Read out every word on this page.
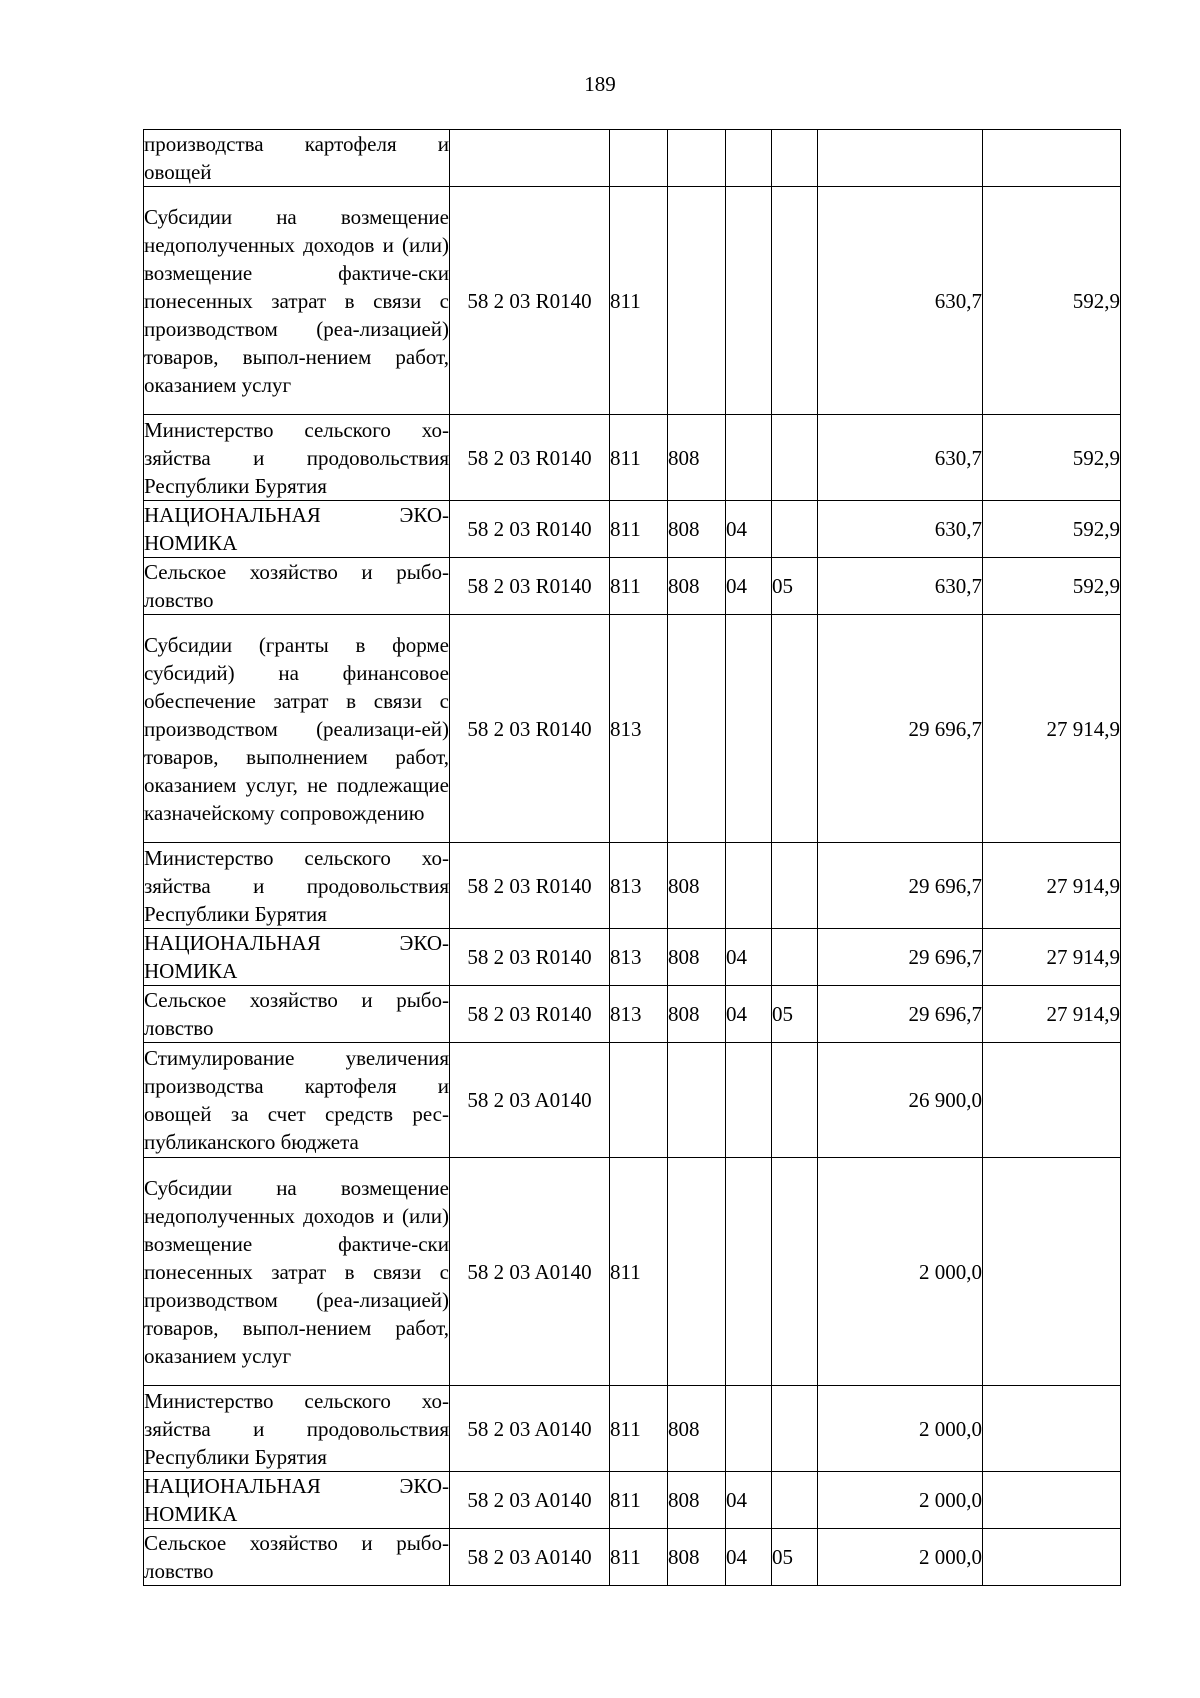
189
производства картофеля и овощей							
Субсидии на возмещение недополученных доходов и (или) возмещение фактиче-ски понесенных затрат в связи с производством (реа-лизацией) товаров, выпол-нением работ, оказанием услуг	58 2 03 R0140	811				630,7	592,9
Министерство сельского хо-зяйства и продовольствия Республики Бурятия	58 2 03 R0140	811	808			630,7	592,9
НАЦИОНАЛЬНАЯ ЭКО-НОМИКА	58 2 03 R0140	811	808	04		630,7	592,9
Сельское хозяйство и рыбо-ловство	58 2 03 R0140	811	808	04	05	630,7	592,9
Субсидии (гранты в форме субсидий) на финансовое обеспечение затрат в связи с производством (реализаци-ей) товаров, выполнением работ, оказанием услуг, не подлежащие казначейскому сопровождению	58 2 03 R0140	813				29 696,7	27 914,9
Министерство сельского хо-зяйства и продовольствия Республики Бурятия	58 2 03 R0140	813	808			29 696,7	27 914,9
НАЦИОНАЛЬНАЯ ЭКО-НОМИКА	58 2 03 R0140	813	808	04		29 696,7	27 914,9
Сельское хозяйство и рыбо-ловство	58 2 03 R0140	813	808	04	05	29 696,7	27 914,9
Стимулирование увеличения производства картофеля и овощей за счет средств рес-публиканского бюджета	58 2 03 A0140					26 900,0	
Субсидии на возмещение недополученных доходов и (или) возмещение фактиче-ски понесенных затрат в связи с производством (реа-лизацией) товаров, выпол-нением работ, оказанием услуг	58 2 03 A0140	811				2 000,0	
Министерство сельского хо-зяйства и продовольствия Республики Бурятия	58 2 03 A0140	811	808			2 000,0	
НАЦИОНАЛЬНАЯ ЭКО-НОМИКА	58 2 03 A0140	811	808	04		2 000,0	
Сельское хозяйство и рыбо-ловство	58 2 03 A0140	811	808	04	05	2 000,0	
